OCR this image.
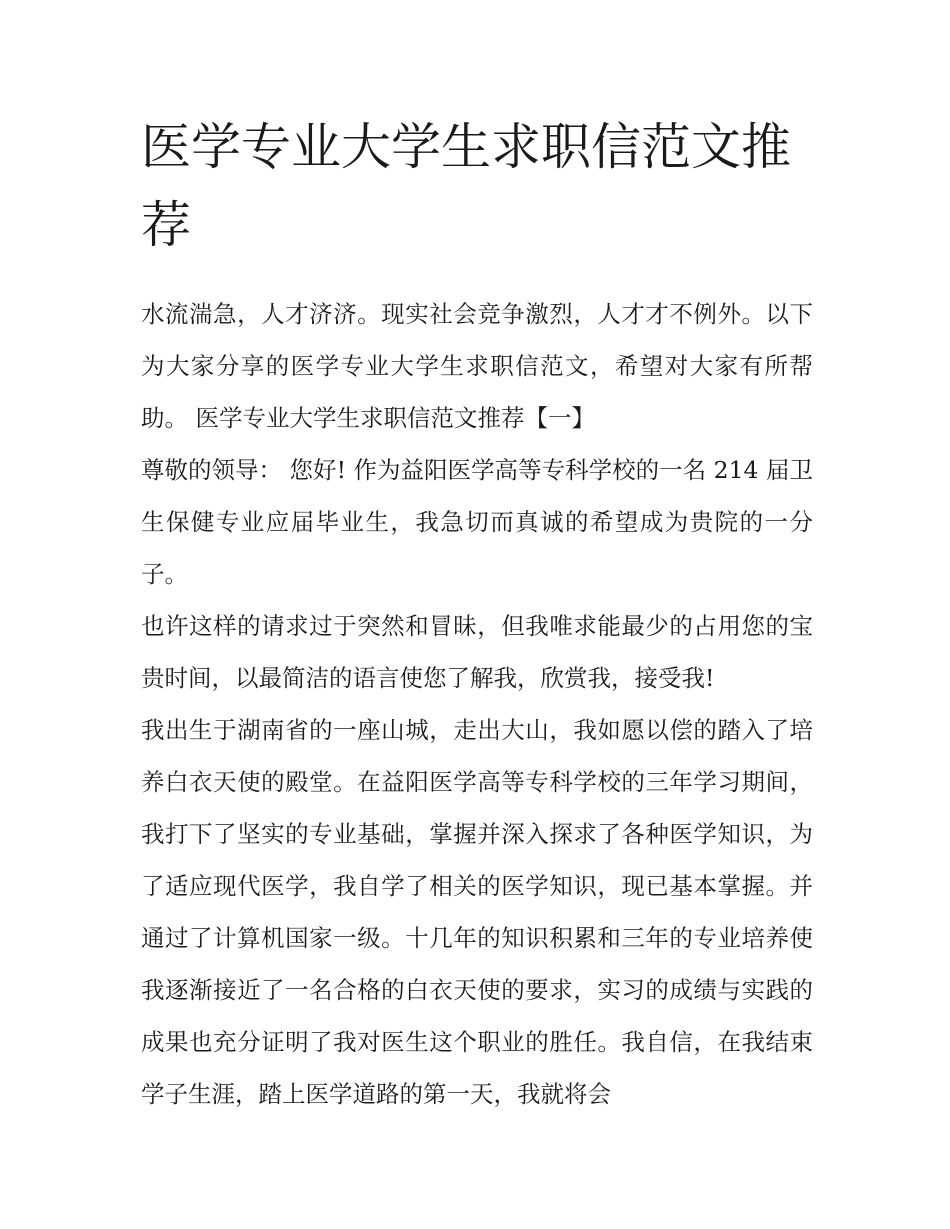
医学专业大学生求职信范文推荐

水流湍急，人才济济。现实社会竞争激烈，人才才不例外。以下为大家分享的医学专业大学生求职信范文，希望对大家有所帮助。 医学专业大学生求职信范文推荐【一】

尊敬的领导： 您好! 作为益阳医学高等专科学校的一名 214 届卫生保健专业应届毕业生，我急切而真诚的希望成为贵院的一分子。

也许这样的请求过于突然和冒昧，但我唯求能最少的占用您的宝贵时间，以最简洁的语言使您了解我，欣赏我，接受我!

我出生于湖南省的一座山城，走出大山，我如愿以偿的踏入了培养白衣天使的殿堂。在益阳医学高等专科学校的三年学习期间，我打下了坚实的专业基础，掌握并深入探求了各种医学知识，为了适应现代医学，我自学了相关的医学知识，现已基本掌握。并通过了计算机国家一级。十几年的知识积累和三年的专业培养使我逐渐接近了一名合格的白衣天使的要求，实习的成绩与实践的成果也充分证明了我对医生这个职业的胜任。我自信，在我结束学子生涯，踏上医学道路的第一天，我就将会
